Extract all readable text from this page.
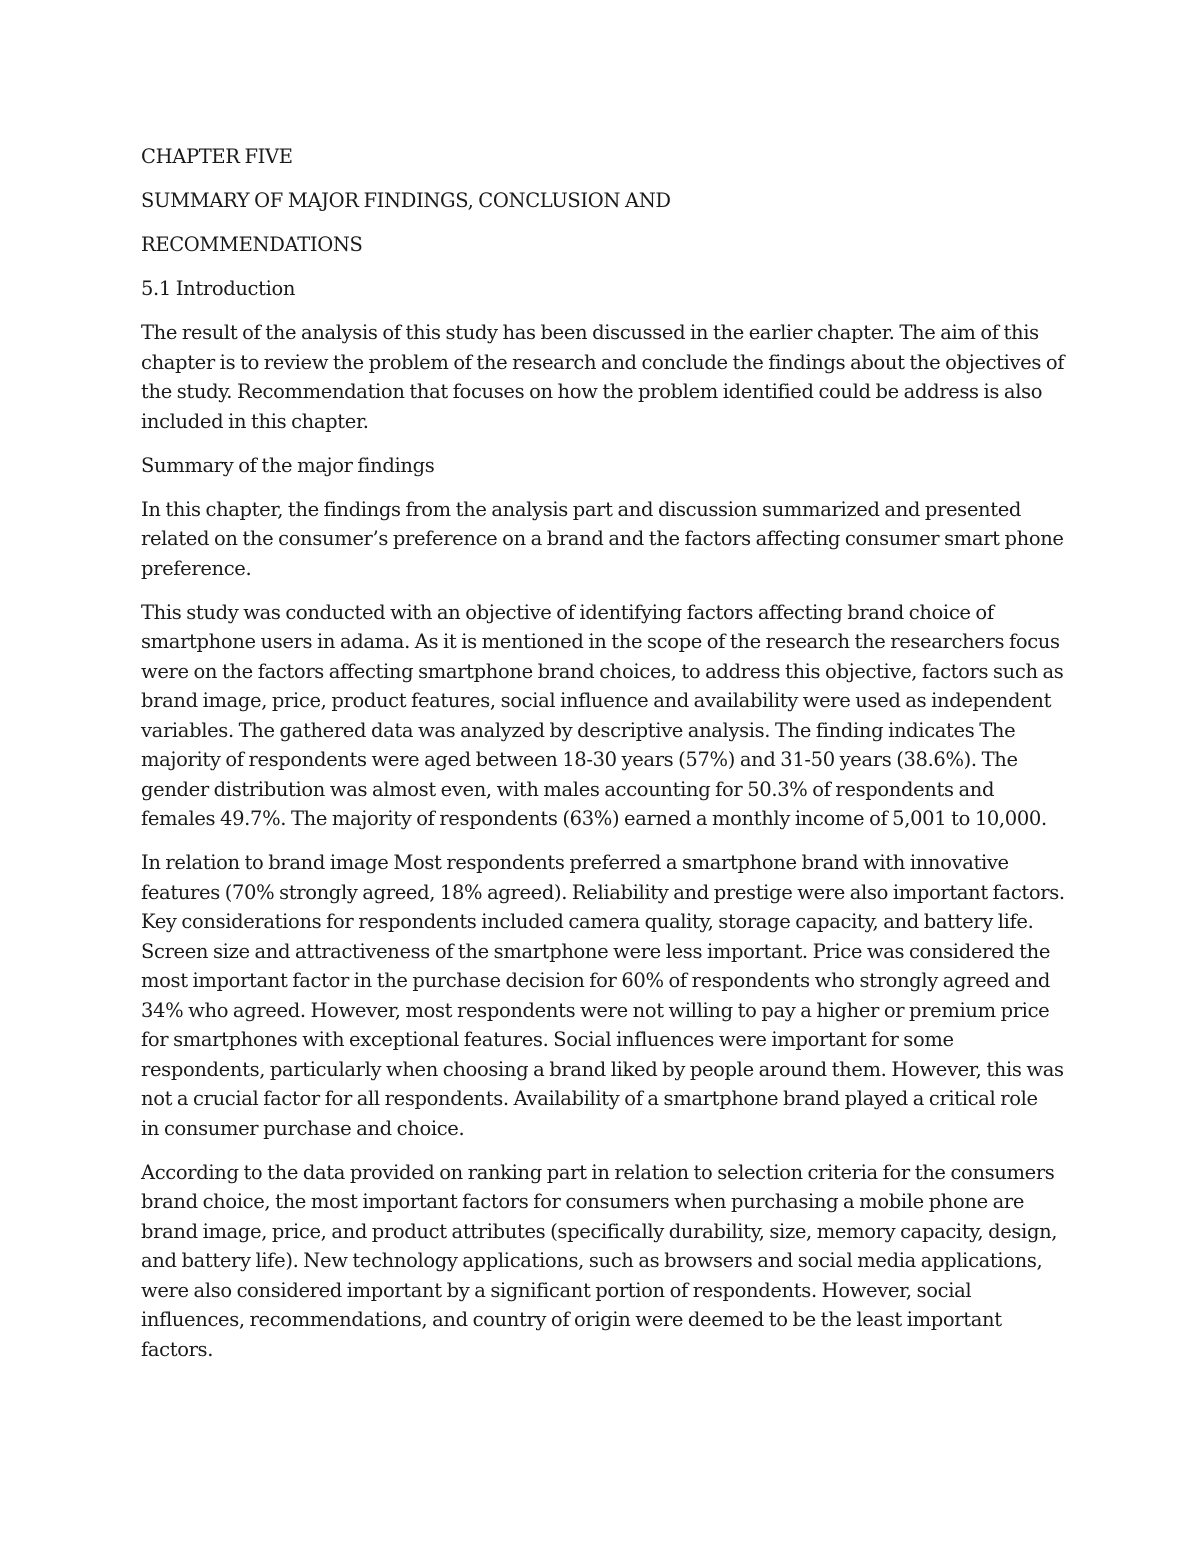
CHAPTER FIVE

SUMMARY OF MAJOR FINDINGS, CONCLUSION AND

RECOMMENDATIONS

5.1 Introduction

The result of the analysis of this study has been discussed in the earlier chapter. The aim of this
chapter is to review the problem of the research and conclude the findings about the objectives of
the study. Recommendation that focuses on how the problem identified could be address is also
included in this chapter.

Summary of the major findings

In this chapter, the findings from the analysis part and discussion summarized and presented
related on the consumer’s preference on a brand and the factors affecting consumer smart phone
preference.
This study was conducted with an objective of identifying factors affecting brand choice of
smartphone users in adama. As it is mentioned in the scope of the research the researchers focus
were on the factors affecting smartphone brand choices, to address this objective, factors such as
brand image, price, product features, social influence and availability were used as independent
variables. The gathered data was analyzed by descriptive analysis. The finding indicates The
majority of respondents were aged between 18-30 years (57%) and 31-50 years (38.6%). The
gender distribution was almost even, with males accounting for 50.3% of respondents and
females 49.7%. The majority of respondents (63%) earned a monthly income of 5,001 to 10,000.
In relation to brand image Most respondents preferred a smartphone brand with innovative
features (70% strongly agreed, 18% agreed). Reliability and prestige were also important factors.
Key considerations for respondents included camera quality, storage capacity, and battery life.
Screen size and attractiveness of the smartphone were less important. Price was considered the
most important factor in the purchase decision for 60% of respondents who strongly agreed and
34% who agreed. However, most respondents were not willing to pay a higher or premium price
for smartphones with exceptional features. Social influences were important for some
respondents, particularly when choosing a brand liked by people around them. However, this was
not a crucial factor for all respondents. Availability of a smartphone brand played a critical role
in consumer purchase and choice.
According to the data provided on ranking part in relation to selection criteria for the consumers
brand choice, the most important factors for consumers when purchasing a mobile phone are
brand image, price, and product attributes (specifically durability, size, memory capacity, design,
and battery life). New technology applications, such as browsers and social media applications,
were also considered important by a significant portion of respondents. However, social
influences, recommendations, and country of origin were deemed to be the least important
factors.
